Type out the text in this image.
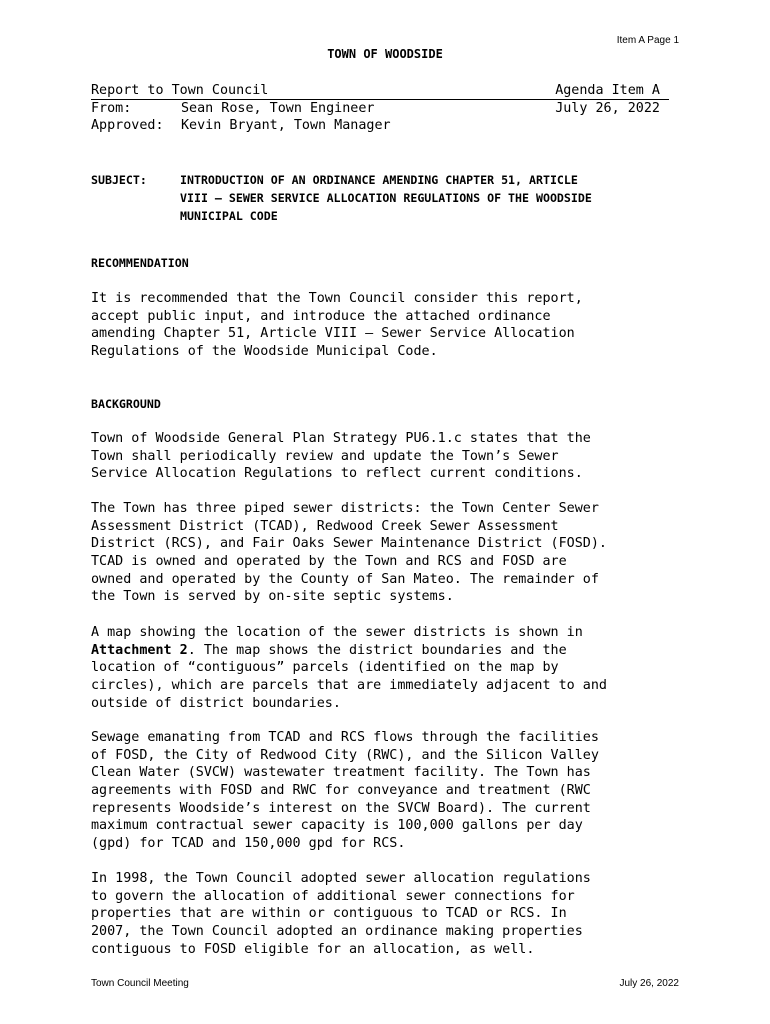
Item A Page 1
TOWN OF WOODSIDE
Report to Town Council	Agenda Item A
From:	Sean Rose, Town Engineer	July 26, 2022
Approved: Kevin Bryant, Town Manager
SUBJECT:	INTRODUCTION OF AN ORDINANCE AMENDING CHAPTER 51, ARTICLE
VIII – SEWER SERVICE ALLOCATION REGULATIONS OF THE WOODSIDE
MUNICIPAL CODE
RECOMMENDATION
It is recommended that the Town Council consider this report,
accept public input, and introduce the attached ordinance
amending Chapter 51, Article VIII – Sewer Service Allocation
Regulations of the Woodside Municipal Code.
BACKGROUND
Town of Woodside General Plan Strategy PU6.1.c states that the
Town shall periodically review and update the Town’s Sewer
Service Allocation Regulations to reflect current conditions.
The Town has three piped sewer districts: the Town Center Sewer
Assessment District (TCAD), Redwood Creek Sewer Assessment
District (RCS), and Fair Oaks Sewer Maintenance District (FOSD).
TCAD is owned and operated by the Town and RCS and FOSD are
owned and operated by the County of San Mateo. The remainder of
the Town is served by on-site septic systems.
A map showing the location of the sewer districts is shown in
Attachment 2. The map shows the district boundaries and the
location of “contiguous” parcels (identified on the map by
circles), which are parcels that are immediately adjacent to and
outside of district boundaries.
Sewage emanating from TCAD and RCS flows through the facilities
of FOSD, the City of Redwood City (RWC), and the Silicon Valley
Clean Water (SVCW) wastewater treatment facility. The Town has
agreements with FOSD and RWC for conveyance and treatment (RWC
represents Woodside’s interest on the SVCW Board). The current
maximum contractual sewer capacity is 100,000 gallons per day
(gpd) for TCAD and 150,000 gpd for RCS.
In 1998, the Town Council adopted sewer allocation regulations
to govern the allocation of additional sewer connections for
properties that are within or contiguous to TCAD or RCS. In
2007, the Town Council adopted an ordinance making properties
contiguous to FOSD eligible for an allocation, as well.
Town Council Meeting	July 26, 2022
